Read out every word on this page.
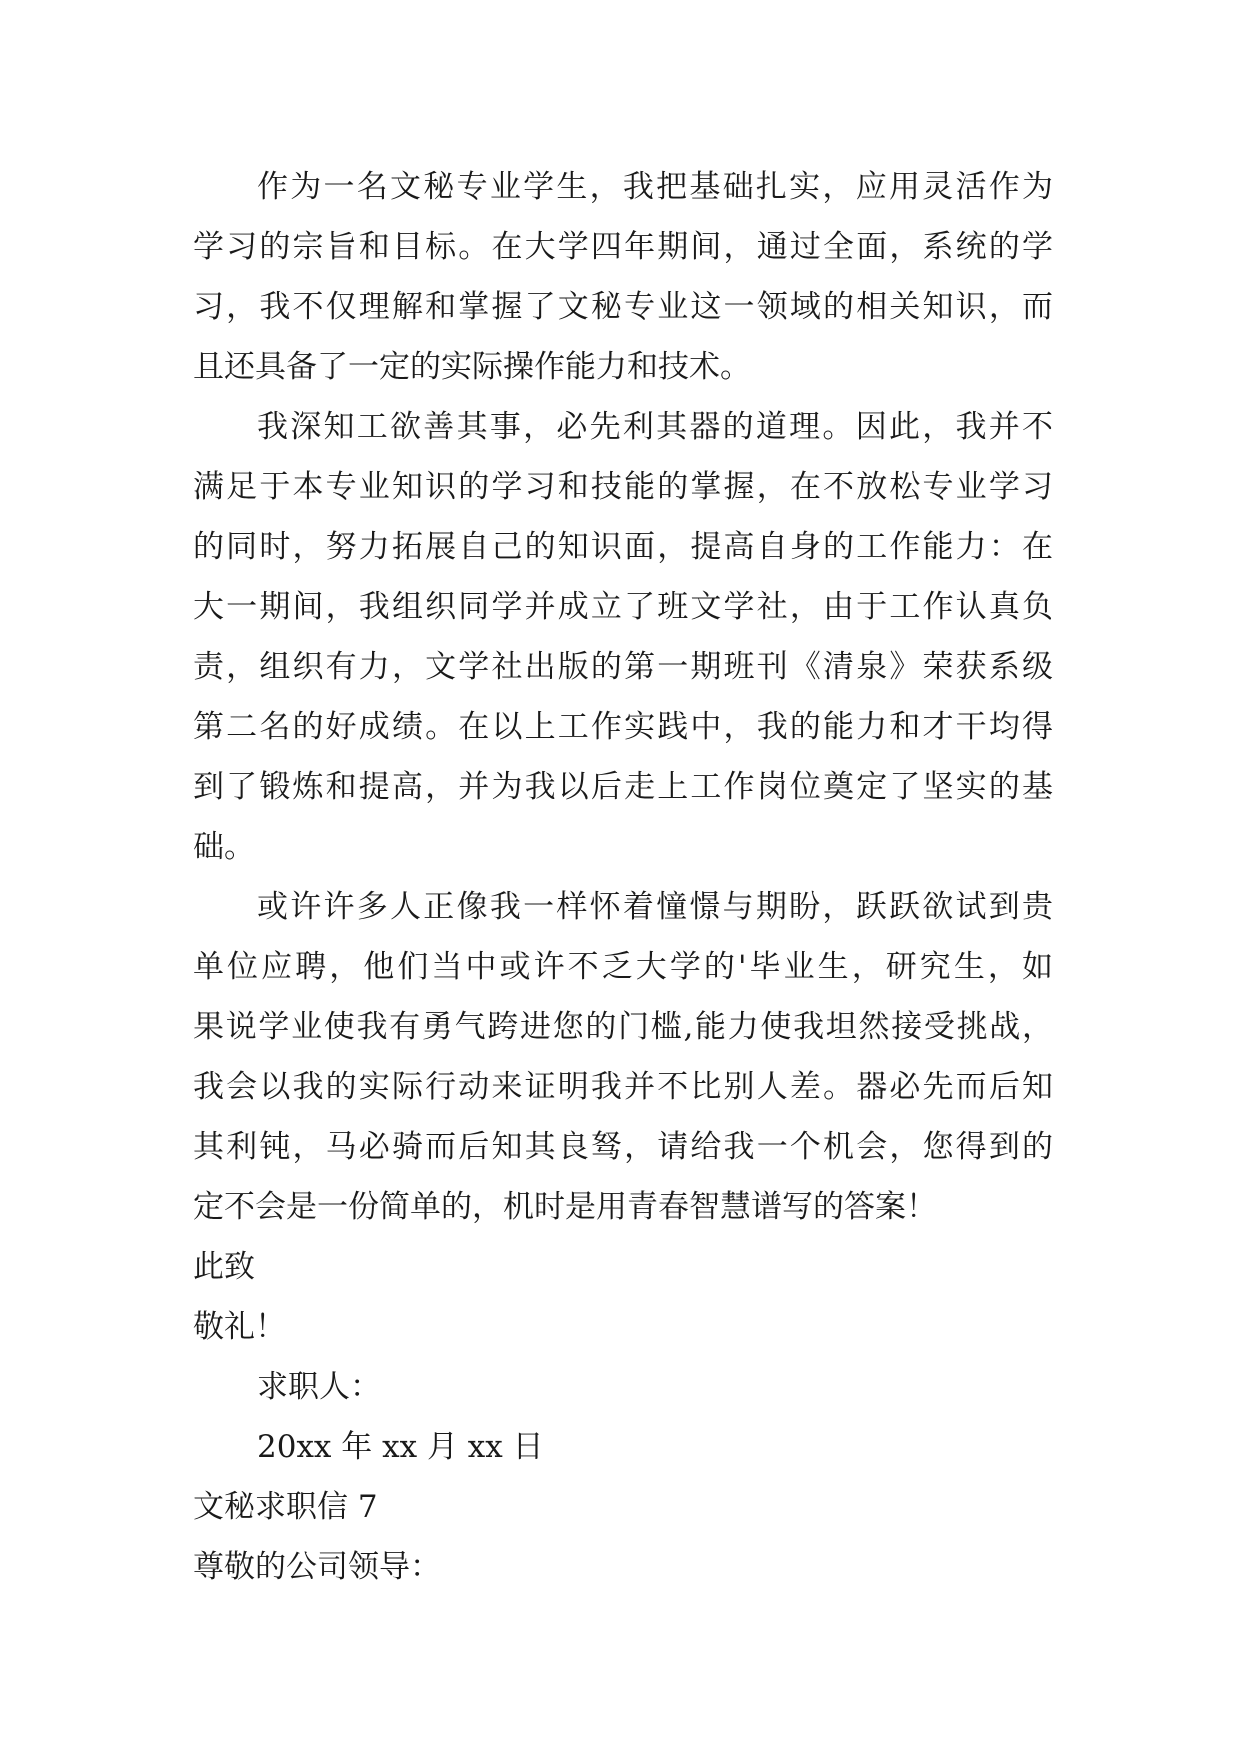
作为一名文秘专业学生，我把基础扎实，应用灵活作为
学习的宗旨和目标。在大学四年期间，通过全面，系统的学
习，我不仅理解和掌握了文秘专业这一领域的相关知识，而
且还具备了一定的实际操作能力和技术。
我深知工欲善其事，必先利其器的道理。因此，我并不
满足于本专业知识的学习和技能的掌握，在不放松专业学习
的同时，努力拓展自己的知识面，提高自身的工作能力：在
大一期间，我组织同学并成立了班文学社，由于工作认真负
责，组织有力，文学社出版的第一期班刊《清泉》荣获系级
第二名的好成绩。在以上工作实践中，我的能力和才干均得
到了锻炼和提高，并为我以后走上工作岗位奠定了坚实的基
础。
或许许多人正像我一样怀着憧憬与期盼，跃跃欲试到贵
单位应聘，他们当中或许不乏大学的'毕业生，研究生，如
果说学业使我有勇气跨进您的门槛,能力使我坦然接受挑战，
我会以我的实际行动来证明我并不比别人差。器必先而后知
其利钝，马必骑而后知其良驽，请给我一个机会，您得到的
定不会是一份简单的，机时是用青春智慧谱写的答案！
此致
敬礼！
求职人：
20xx 年 xx 月 xx 日
文秘求职信 7
尊敬的公司领导：
